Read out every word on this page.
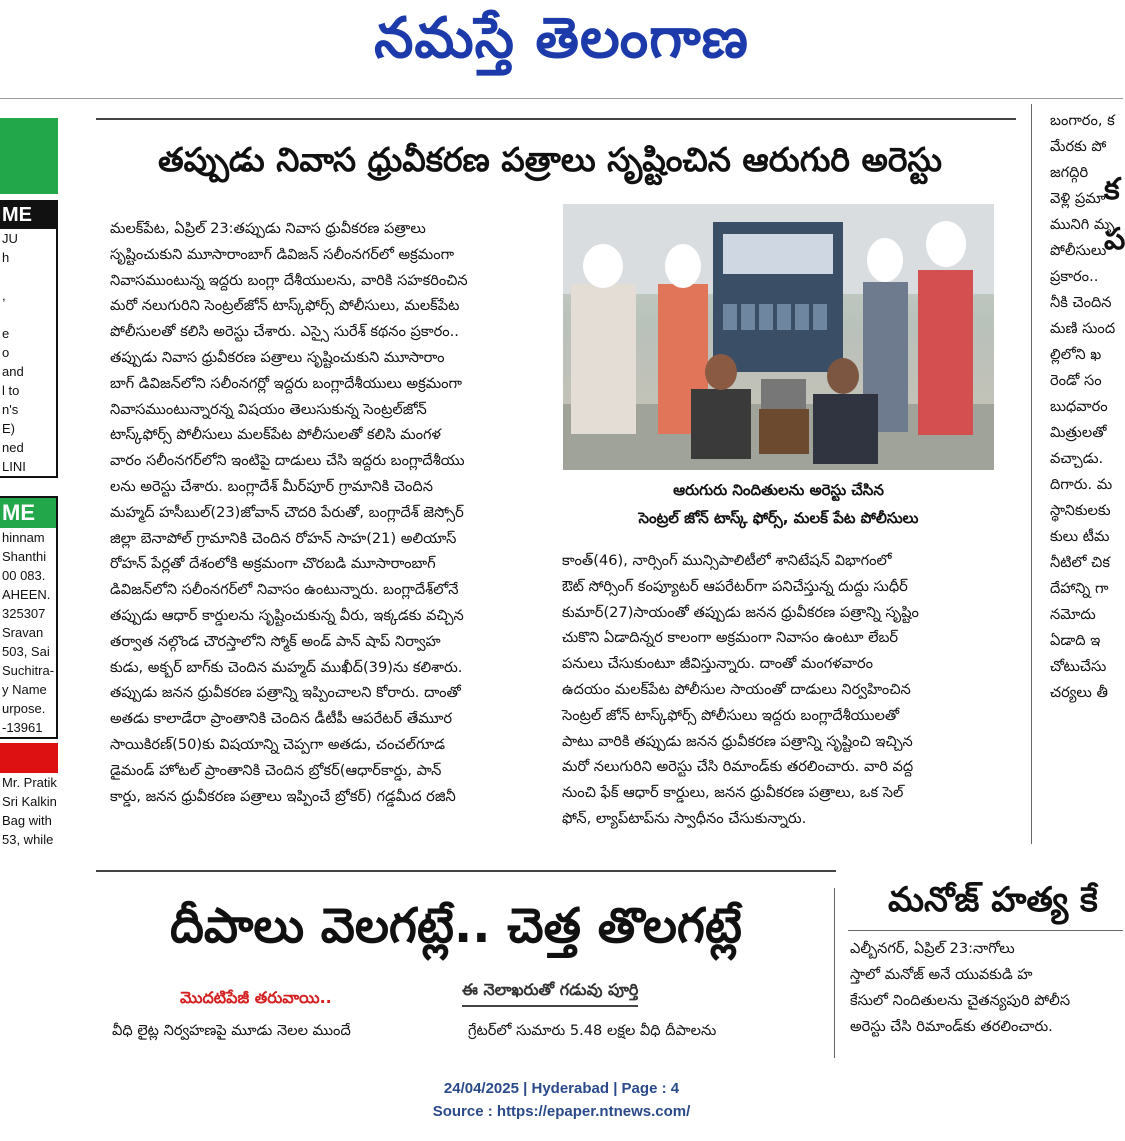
నమస్తే తెలంగాణ
ME
JU
h

,

e
o
and
l to
n's
E)
ned
LINI
ME
hinnam
Shanthi
00 083.
AHEEN.
325307
Sravan
503, Sai
Suchitra-
y Name
urpose.
-13961
Mr. Pratik
Sri Kalkin
Bag with
53, while
తప్పుడు నివాస ధ్రువీకరణ పత్రాలు సృష్టించిన ఆరుగురి అరెస్టు
మలక్‌పేట, ఏప్రిల్ 23:తప్పుడు నివాస ధ్రువీకరణ పత్రాలు
సృష్టించుకుని మూసారాంబాగ్ డివిజన్ సలీంనగర్‌లో అక్రమంగా
నివాసముంటున్న ఇద్దరు బంగ్లా దేశీయులను, వారికి సహకరించిన
మరో నలుగురిని సెంట్రల్‌జోన్ టాస్క్‌ఫోర్స్ పోలీసులు, మలక్‌పేట
పోలీసులతో కలిసి అరెస్టు చేశారు. ఎస్సై సురేశ్ కథనం ప్రకారం..
తప్పుడు నివాస ధ్రువీకరణ పత్రాలు సృష్టించుకుని మూసారాం
బాగ్ డివిజన్‌లోని సలీంనగర్లో ఇద్దరు బంగ్లాదేశీయులు అక్రమంగా
నివాసముంటున్నారన్న విషయం తెలుసుకున్న సెంట్రల్‌జోన్
టాస్క్‌ఫోర్స్ పోలీసులు మలక్‌పేట పోలీసులతో కలిసి మంగళ
వారం సలీంనగర్‌లోని ఇంటిపై దాడులు చేసి ఇద్దరు బంగ్లాదేశీయు
లను అరెస్టు చేశారు. బంగ్లాదేశ్ మీర్‌పూర్ గ్రామానికి చెందిన
మహ్మద్ హసీబుల్(23)జోవాన్ చౌదరి పేరుతో, బంగ్లాదేశ్ జెస్సోర్
జిల్లా బెనాపోల్ గ్రామానికి చెందిన రోహన్ సాహ(21) అలియాస్
రోహన్ పేర్లతో దేశంలోకి అక్రమంగా చొరబడి మూసారాంబాగ్
డివిజన్‌లోని సలీంనగర్‌లో నివాసం ఉంటున్నారు. బంగ్లాదేశ్‌లోనే
తప్పుడు ఆధార్ కార్డులను సృష్టించుకున్న వీరు, ఇక్కడకు వచ్చిన
తర్వాత నల్గొండ చౌరస్తాలోని స్మోక్ అండ్ పాన్ షాప్ నిర్వాహ
కుడు, అక్బర్ బాగ్‌కు చెందిన మహ్మద్ ముఖీద్(39)ను కలిశారు.
తప్పుడు జనన ధ్రువీకరణ పత్రాన్ని ఇప్పించాలని కోరారు. దాంతో
అతడు కాలాడేరా ప్రాంతానికి చెందిన డీటీపీ ఆపరేటర్ తేమూర
సాయికిరణ్(50)కు విషయాన్ని చెప్పగా అతడు, చంచల్‌గూడ
డైమండ్ హోటల్ ప్రాంతానికి చెందిన బ్రోకర్(ఆధార్‌కార్డు, పాన్
కార్డు, జనన ధ్రువీకరణ పత్రాలు ఇప్పించే బ్రోకర్) గడ్డమీద రజినీ
ఆరుగురు నిందితులను అరెస్టు చేసిన
సెంట్రల్ జోన్ టాస్క్ ఫోర్స్, మలక్ పేట పోలీసులు
కాంత్(46), నార్సింగ్ మున్సిపాలిటీలో శానిటేషన్ విభాగంలో
ఔట్ సోర్సింగ్ కంప్యూటర్ ఆపరేటర్‌గా పనిచేస్తున్న దుద్దు సుధీర్
కుమార్(27)సాయంతో తప్పుడు జనన ధ్రువీకరణ పత్రాన్ని సృష్టిం
చుకొని ఏడాదిన్నర కాలంగా అక్రమంగా నివాసం ఉంటూ లేబర్
పనులు చేసుకుంటూ జీవిస్తున్నారు. దాంతో మంగళవారం
ఉదయం మలక్‌పేట పోలీసుల సాయంతో దాడులు నిర్వహించిన
సెంట్రల్ జోన్ టాస్క్‌ఫోర్స్ పోలీసులు ఇద్దరు బంగ్లాదేశీయులతో
పాటు వారికి తప్పుడు జనన ధ్రువీకరణ పత్రాన్ని సృష్టించి ఇచ్చిన
మరో నలుగురిని అరెస్టు చేసి రిమాండ్‌కు తరలించారు. వారి వద్ద
నుంచి ఫేక్ ఆధార్ కార్డులు, జనన ధ్రువీకరణ పత్రాలు, ఒక సెల్
ఫోన్, ల్యాప్‌టాప్‌ను స్వాధీనం చేసుకున్నారు.
దీపాలు వెలగట్లే.. చెత్త తొలగట్లే
మొదటిపేజీ తరువాయి..	ఈ నెలాఖరుతో గడువు పూర్తి
వీధి లైట్ల నిర్వహణపై మూడు నెలల ముందే	గ్రేటర్‌లో సుమారు 5.48 లక్షల వీధి దీపాలను
మనోజ్ హత్య కే
ఎల్బీనగర్, ఏప్రిల్ 23:నాగోలు
స్తాలో మనోజ్ అనే యువకుడి హ
కేసులో నిందితులను చైతన్యపురి పోలీస
అరెస్టు చేసి రిమాండ్‌కు తరలించారు.
బంగారం, క
మేరకు పో
జగద్గిరి
వెళ్లి ప్రమా
మునిగి మృ
పోలీసులు
ప్రకారం..
నీకి చెందిన
మణి సుంద
ల్లిలోని ఖ
రెండో సం
బుధవారం
మిత్రులతో
వచ్చాడు.
దిగారు. మ
స్థానికులకు
కులు టీమ
నీటిలో చిక
దేహాన్ని గా
నమోదు
ఏడాది ఇ
చోటుచేసు
చర్యలు తీ
క
ప
24/04/2025 | Hyderabad | Page : 4
Source : https://epaper.ntnews.com/
